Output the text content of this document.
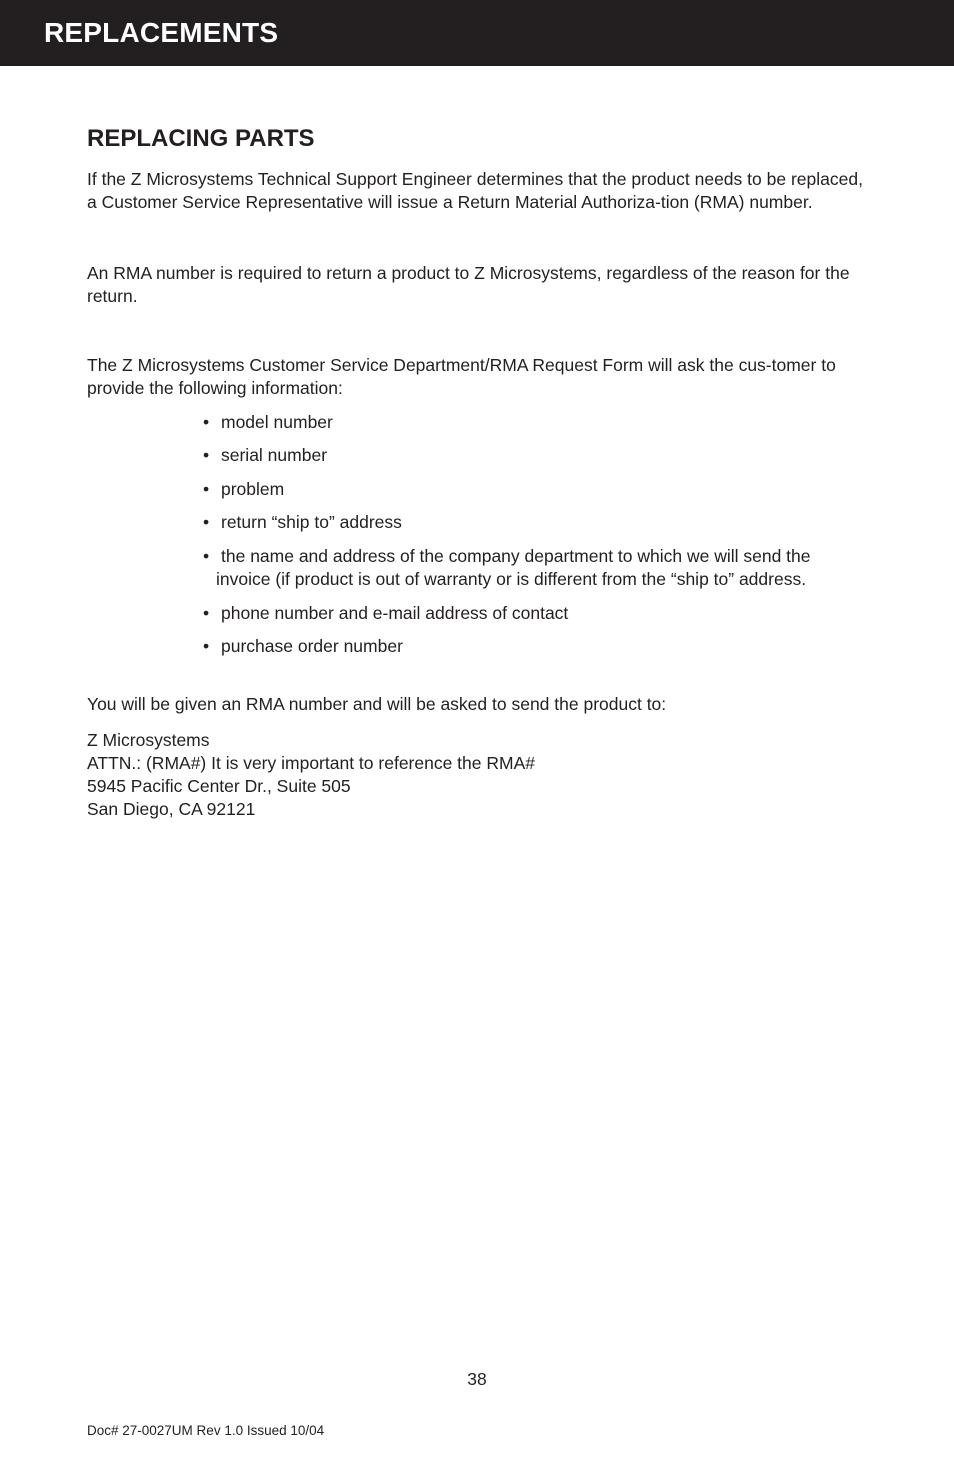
REPLACEMENTS
REPLACING PARTS

If the Z Microsystems Technical Support Engineer determines that the product needs to be replaced, a Customer Service Representative will issue a Return Material Authoriza-tion (RMA) number.

An RMA number is required to return a product to Z Microsystems, regardless of the reason for the return.

The Z Microsystems Customer Service Department/RMA Request Form will ask the cus-tomer to provide the following information:

• model number
• serial number
• problem
• return “ship to” address
• the name and address of the company department to which we will send the invoice (if product is out of warranty or is different from the “ship to” address.
• phone number and e-mail address of contact
• purchase order number

You will be given an RMA number and will be asked to send the product to:

Z Microsystems
ATTN.: (RMA#) It is very important to reference the RMA#
5945 Pacific Center Dr., Suite 505
San Diego, CA 92121
38
Doc# 27-0027UM Rev 1.0 Issued 10/04
